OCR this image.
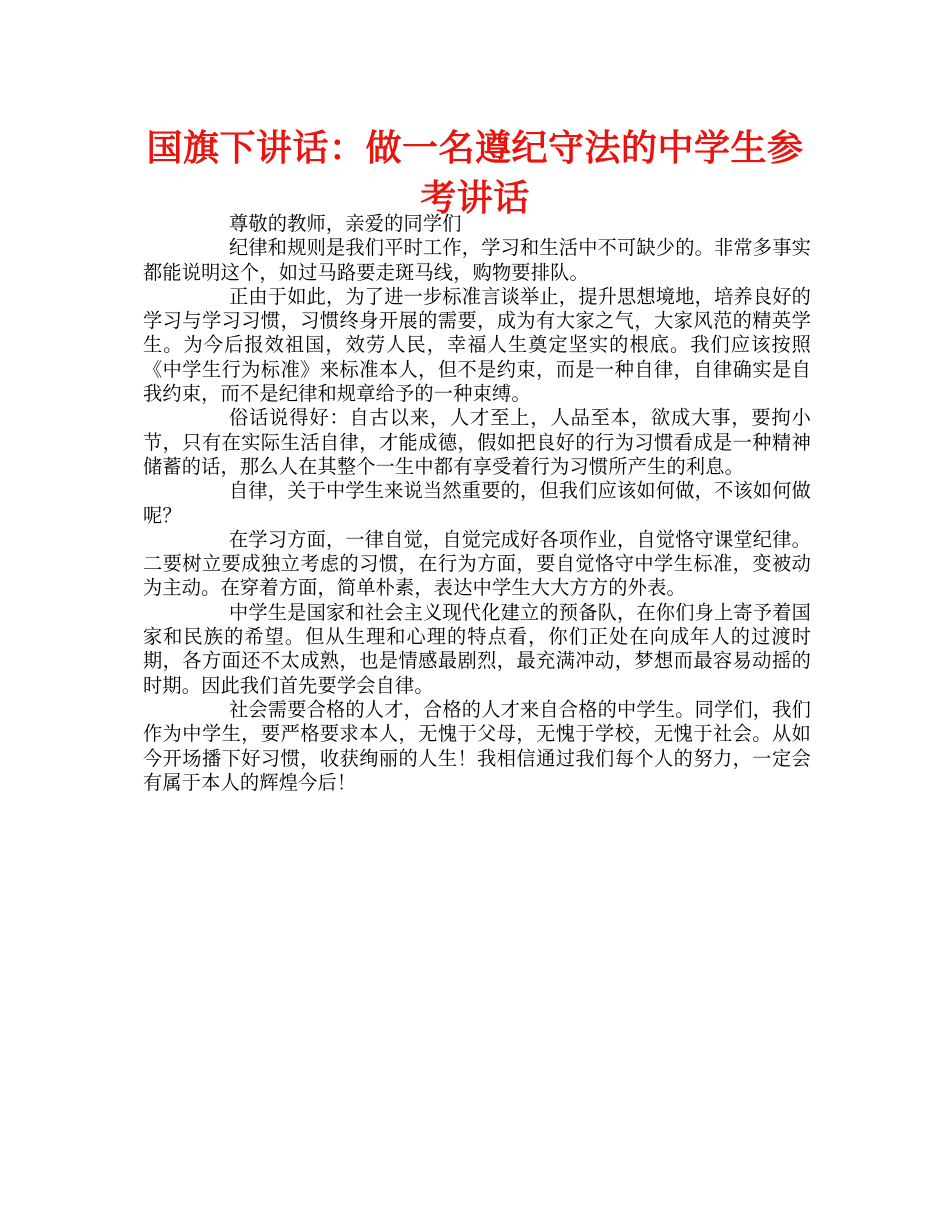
国旗下讲话：做一名遵纪守法的中学生参考讲话

尊敬的教师，亲爱的同学们

纪律和规则是我们平时工作，学习和生活中不可缺少的。非常多事实都能说明这个，如过马路要走斑马线，购物要排队。

正由于如此，为了进一步标准言谈举止，提升思想境地，培养良好的学习与学习习惯，习惯终身开展的需要，成为有大家之气，大家风范的精英学生。为今后报效祖国，效劳人民，幸福人生奠定坚实的根底。我们应该按照《中学生行为标准》来标准本人，但不是约束，而是一种自律，自律确实是自我约束，而不是纪律和规章给予的一种束缚。

俗话说得好：自古以来，人才至上，人品至本，欲成大事，要拘小节，只有在实际生活自律，才能成德，假如把良好的行为习惯看成是一种精神储蓄的话，那么人在其整个一生中都有享受着行为习惯所产生的利息。

自律，关于中学生来说当然重要的，但我们应该如何做，不该如何做呢？

在学习方面，一律自觉，自觉完成好各项作业，自觉恪守课堂纪律。二要树立要成独立考虑的习惯，在行为方面，要自觉恪守中学生标准，变被动为主动。在穿着方面，简单朴素，表达中学生大大方方的外表。

中学生是国家和社会主义现代化建立的预备队，在你们身上寄予着国家和民族的希望。但从生理和心理的特点看，你们正处在向成年人的过渡时期，各方面还不太成熟，也是情感最剧烈，最充满冲动，梦想而最容易动摇的时期。因此我们首先要学会自律。

社会需要合格的人才，合格的人才来自合格的中学生。同学们，我们作为中学生，要严格要求本人，无愧于父母，无愧于学校，无愧于社会。从如今开场播下好习惯，收获绚丽的人生！我相信通过我们每个人的努力，一定会有属于本人的辉煌今后！
